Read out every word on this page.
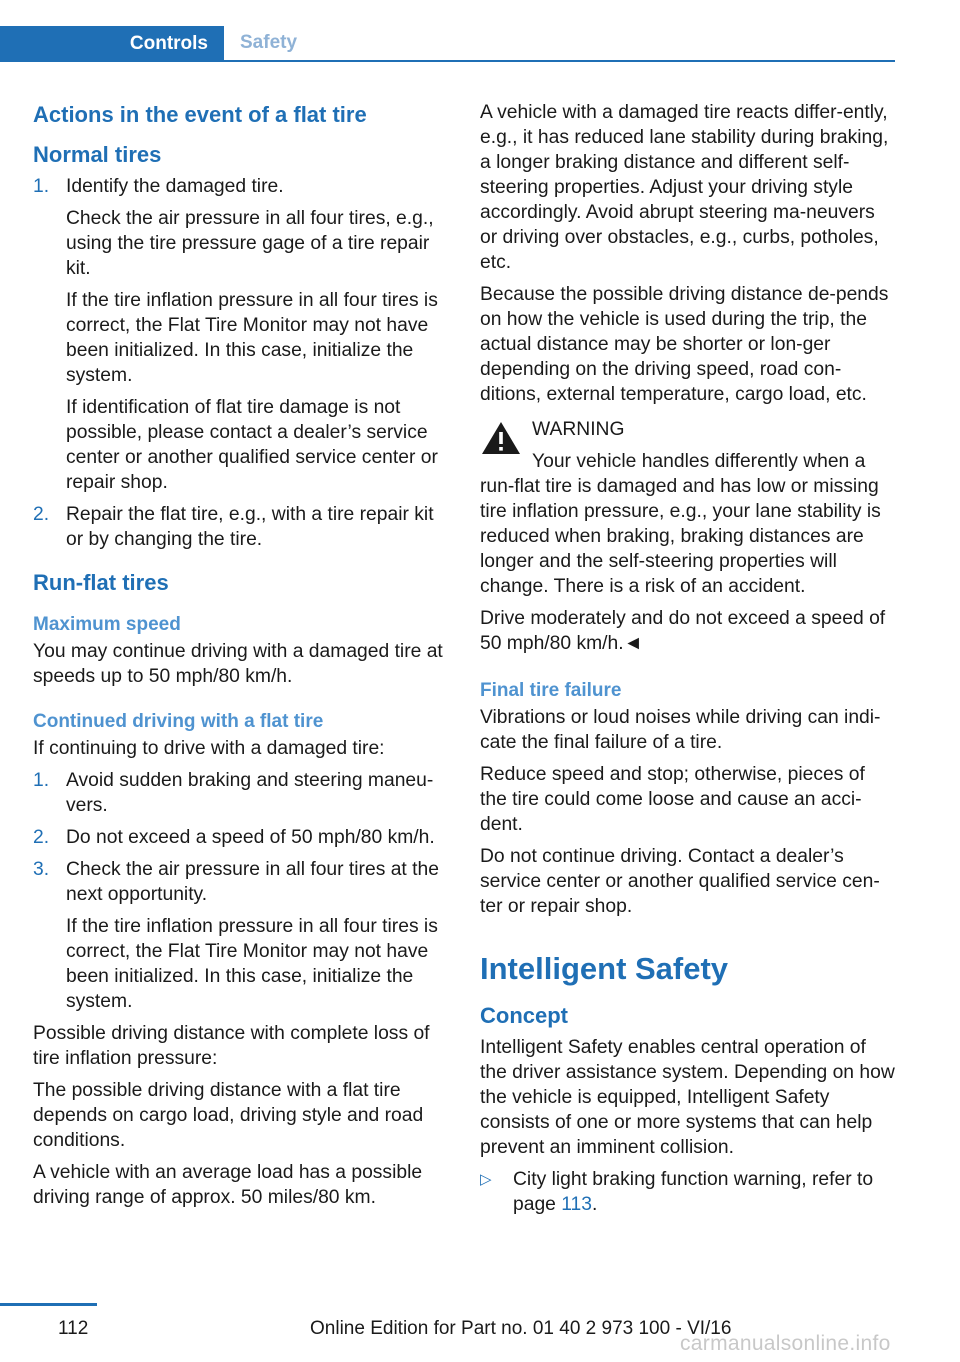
Controls	Safety
Actions in the event of a flat tire
Normal tires
1. Identify the damaged tire.

Check the air pressure in all four tires, e.g., using the tire pressure gage of a tire repair kit.

If the tire inflation pressure in all four tires is correct, the Flat Tire Monitor may not have been initialized. In this case, initialize the system.

If identification of flat tire damage is not possible, please contact a dealer’s service center or another qualified service center or repair shop.

2. Repair the flat tire, e.g., with a tire repair kit or by changing the tire.

Run-flat tires
Maximum speed

You may continue driving with a damaged tire at speeds up to 50 mph/80 km/h.

Continued driving with a flat tire

If continuing to drive with a damaged tire:

1. Avoid sudden braking and steering maneu-vers.

2. Do not exceed a speed of 50 mph/80 km/h.

3. Check the air pressure in all four tires at the next opportunity.

If the tire inflation pressure in all four tires is correct, the Flat Tire Monitor may not have been initialized. In this case, initialize the system.

Possible driving distance with complete loss of tire inflation pressure:

The possible driving distance with a flat tire depends on cargo load, driving style and road conditions.

A vehicle with an average load has a possible driving range of approx. 50 miles/80 km.

A vehicle with a damaged tire reacts differ-ently, e.g., it has reduced lane stability during braking, a longer braking distance and different self-steering properties. Adjust your driving style accordingly. Avoid abrupt steering ma-neuvers or driving over obstacles, e.g., curbs, potholes, etc.

Because the possible driving distance de-pends on how the vehicle is used during the trip, the actual distance may be shorter or lon-ger depending on the driving speed, road con-ditions, external temperature, cargo load, etc.

WARNING

Your vehicle handles differently when a run-flat tire is damaged and has low or missing tire inflation pressure, e.g., your lane stability is reduced when braking, braking distances are longer and the self-steering properties will change. There is a risk of an accident.

Drive moderately and do not exceed a speed of 50 mph/80 km/h.◄

Final tire failure

Vibrations or loud noises while driving can indi-cate the final failure of a tire.

Reduce speed and stop; otherwise, pieces of the tire could come loose and cause an acci-dent.

Do not continue driving. Contact a dealer’s service center or another qualified service cen-ter or repair shop.

Intelligent Safety
Concept

Intelligent Safety enables central operation of the driver assistance system. Depending on how the vehicle is equipped, Intelligent Safety consists of one or more systems that can help prevent an imminent collision.

▷ City light braking function warning, refer to page 113.
112	Online Edition for Part no. 01 40 2 973 100 - VI/16
carmanualsonline.info
